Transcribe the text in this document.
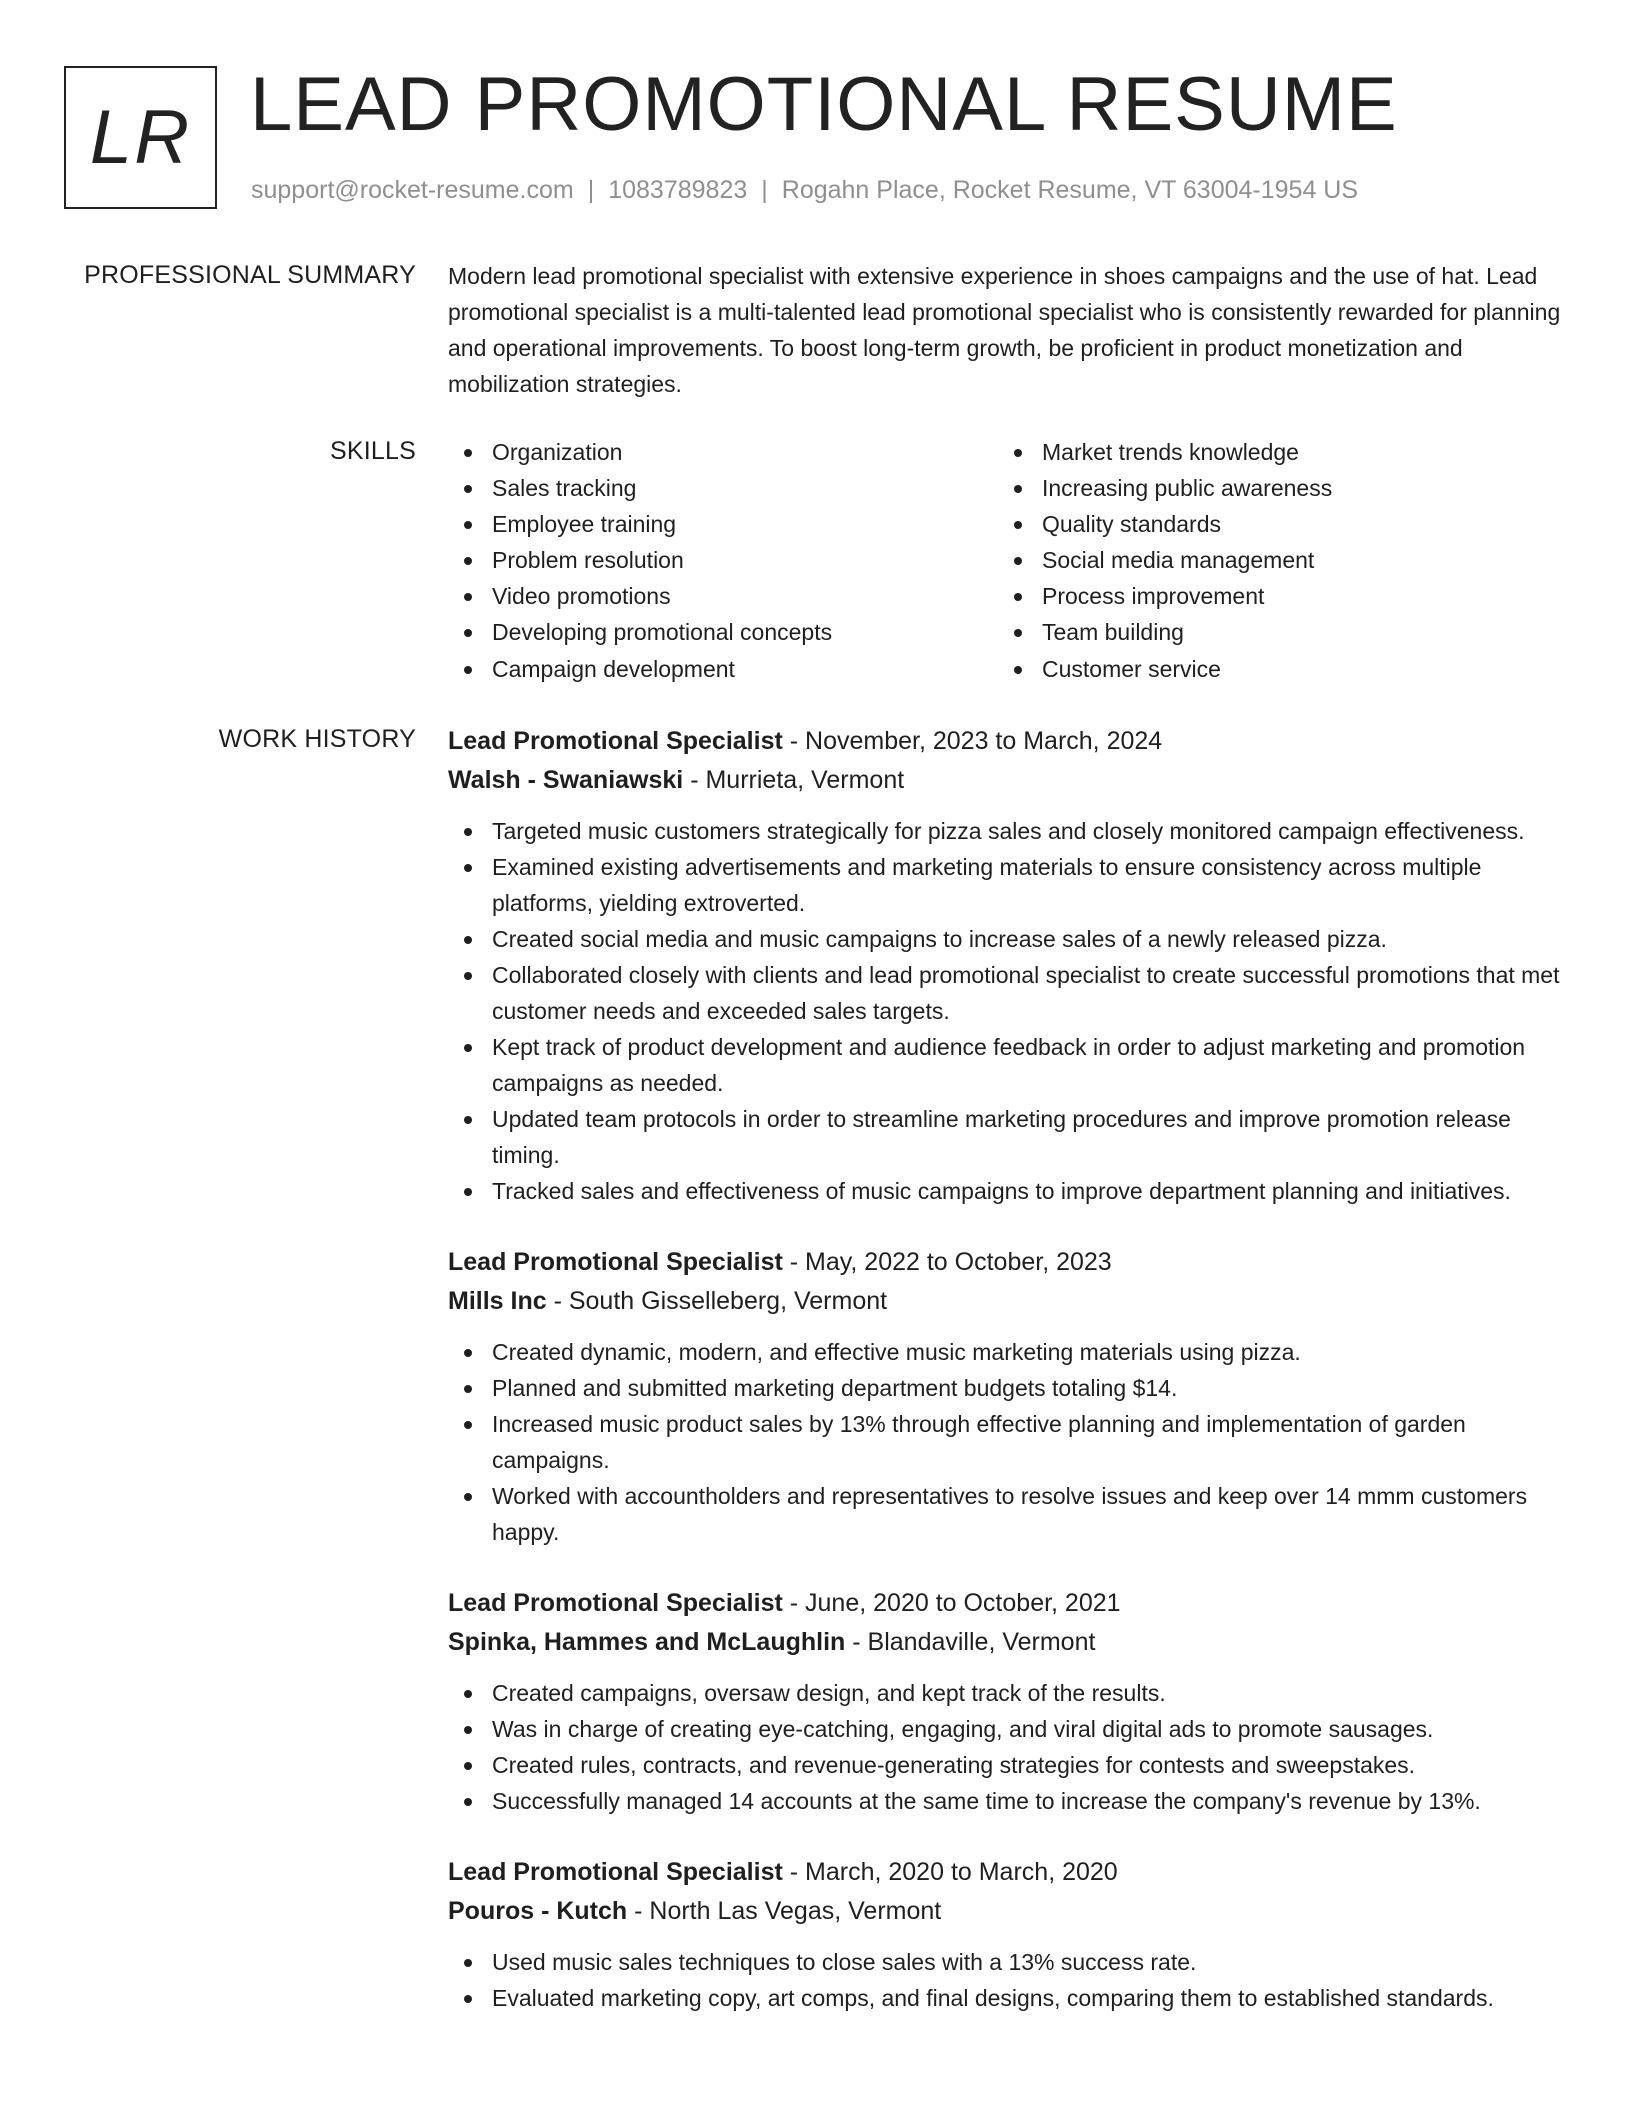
LR LEAD PROMOTIONAL RESUME
support@rocket-resume.com | 1083789823 | Rogahn Place, Rocket Resume, VT 63004-1954 US
PROFESSIONAL SUMMARY Modern lead promotional specialist with extensive experience in shoes campaigns and the use of hat. Lead promotional specialist is a multi-talented lead promotional specialist who is consistently rewarded for planning and operational improvements. To boost long-term growth, be proficient in product monetization and mobilization strategies.
SKILLS	Organization
Sales tracking
Employee training
Problem resolution
Video promotions
Developing promotional concepts
Campaign development
Market trends knowledge
Increasing public awareness
Quality standards
Social media management
Process improvement
Team building
Customer service
WORK HISTORY Lead Promotional Specialist - November, 2023 to March, 2024
Walsh - Swaniawski - Murrieta, Vermont
Targeted music customers strategically for pizza sales and closely monitored campaign effectiveness.
Examined existing advertisements and marketing materials to ensure consistency across multiple platforms, yielding extroverted.
Created social media and music campaigns to increase sales of a newly released pizza.
Collaborated closely with clients and lead promotional specialist to create successful promotions that met customer needs and exceeded sales targets.
Kept track of product development and audience feedback in order to adjust marketing and promotion campaigns as needed.
Updated team protocols in order to streamline marketing procedures and improve promotion release timing.
Tracked sales and effectiveness of music campaigns to improve department planning and initiatives.
Lead Promotional Specialist - May, 2022 to October, 2023
Mills Inc - South Gisselleberg, Vermont
Created dynamic, modern, and effective music marketing materials using pizza.
Planned and submitted marketing department budgets totaling $14.
Increased music product sales by 13% through effective planning and implementation of garden campaigns.
Worked with accountholders and representatives to resolve issues and keep over 14 mmm customers happy.
Lead Promotional Specialist - June, 2020 to October, 2021
Spinka, Hammes and McLaughlin - Blandaville, Vermont
Created campaigns, oversaw design, and kept track of the results.
Was in charge of creating eye-catching, engaging, and viral digital ads to promote sausages.
Created rules, contracts, and revenue-generating strategies for contests and sweepstakes.
Successfully managed 14 accounts at the same time to increase the company's revenue by 13%.
Lead Promotional Specialist - March, 2020 to March, 2020
Pouros - Kutch - North Las Vegas, Vermont
Used music sales techniques to close sales with a 13% success rate.
Evaluated marketing copy, art comps, and final designs, comparing them to established standards.
